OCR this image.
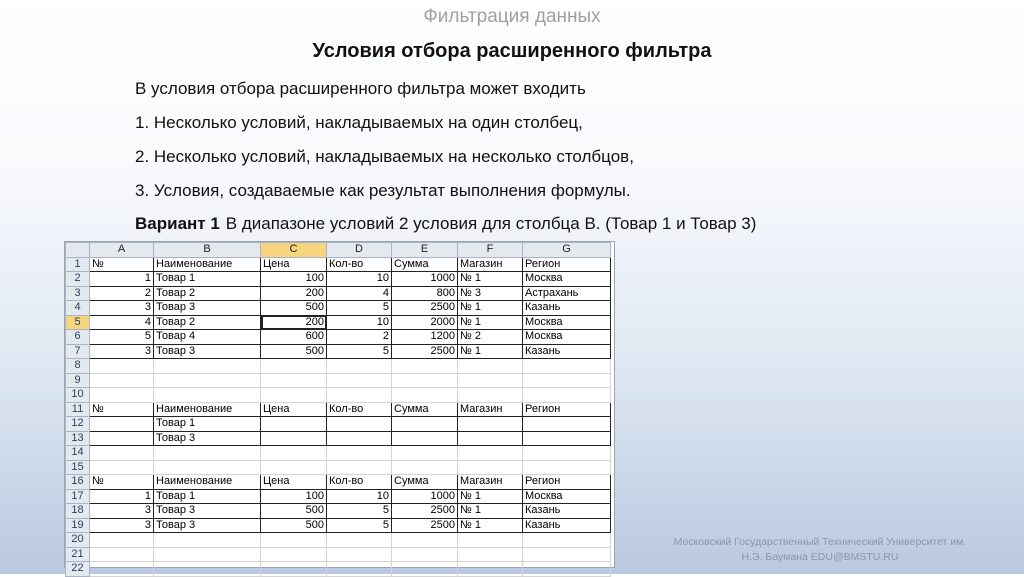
Фильтрация данных
Условия отбора расширенного фильтра
В условия отбора расширенного фильтра может входить
1. Несколько условий, накладываемых на один столбец,
2. Несколько условий, накладываемых на несколько столбцов,
3. Условия, создаваемые как результат выполнения формулы.
Вариант 1 В диапазоне условий 2 условия для столбца В. (Товар 1 и Товар 3)
	A	B	C	D	E	F	G
1	№	Наименование	Цена	Кол-во	Сумма	Магазин	Регион
2	1	Товар 1	100	10	1000	№ 1	Москва
3	2	Товар 2	200	4	800	№ 3	Астрахань
4	3	Товар 3	500	5	2500	№ 1	Казань
5	4	Товар 2	200	10	2000	№ 1	Москва
6	5	Товар 4	600	2	1200	№ 2	Москва
7	3	Товар 3	500	5	2500	№ 1	Казань
8							
9							
10							
11	№	Наименование	Цена	Кол-во	Сумма	Магазин	Регион
12		Товар 1					
13		Товар 3					
14							
15							
16	№	Наименование	Цена	Кол-во	Сумма	Магазин	Регион
17	1	Товар 1	100	10	1000	№ 1	Москва
18	3	Товар 3	500	5	2500	№ 1	Казань
19	3	Товар 3	500	5	2500	№ 1	Казань
20							
21							
22							
Московский Государственный Технический Университет им.
Н.Э. Баумана EDU@BMSTU.RU
